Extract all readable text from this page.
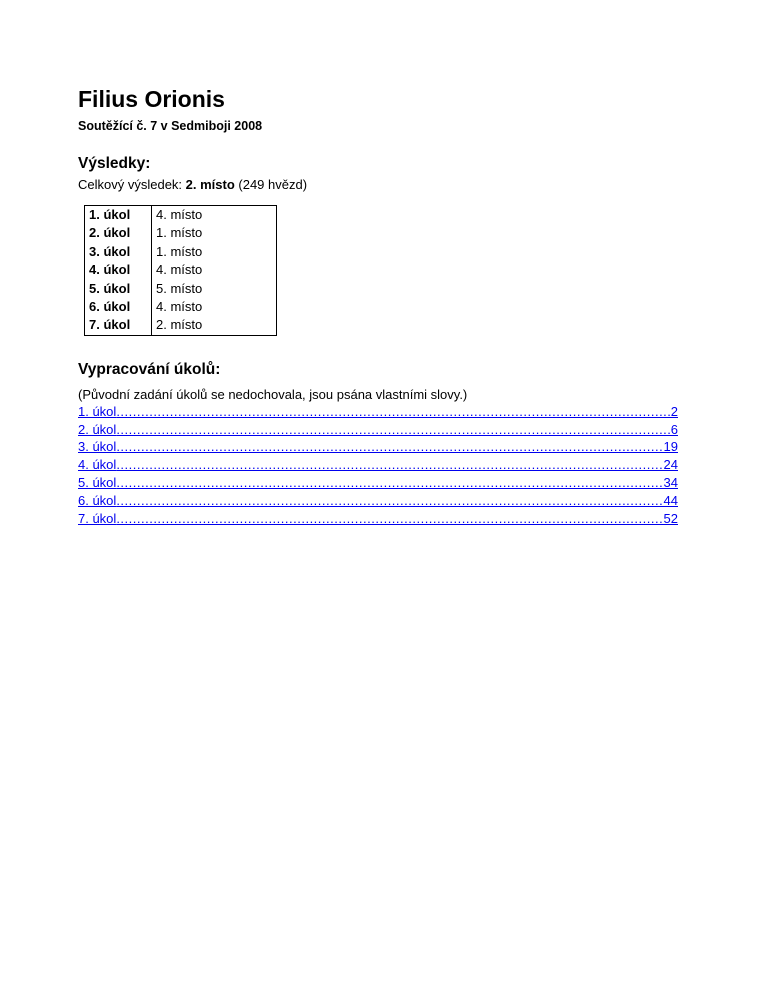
Filius Orionis

Soutěžící č. 7 v Sedmiboji 2008

Výsledky:

Celkový výsledek: 2. místo (249 hvězd)

1. úkol	4. místo
2. úkol	1. místo
3. úkol	1. místo
4. úkol	4. místo
5. úkol	5. místo
6. úkol	4. místo
7. úkol	2. místo
Vypracování úkolů:

(Původní zadání úkolů se nedochovala, jsou psána vlastními slovy.)

1. úkol .....	2
2. úkol .....	6
3. úkol .....	19
4. úkol .....	24
5. úkol .....	34
6. úkol .....	44
7. úkol .....	52
